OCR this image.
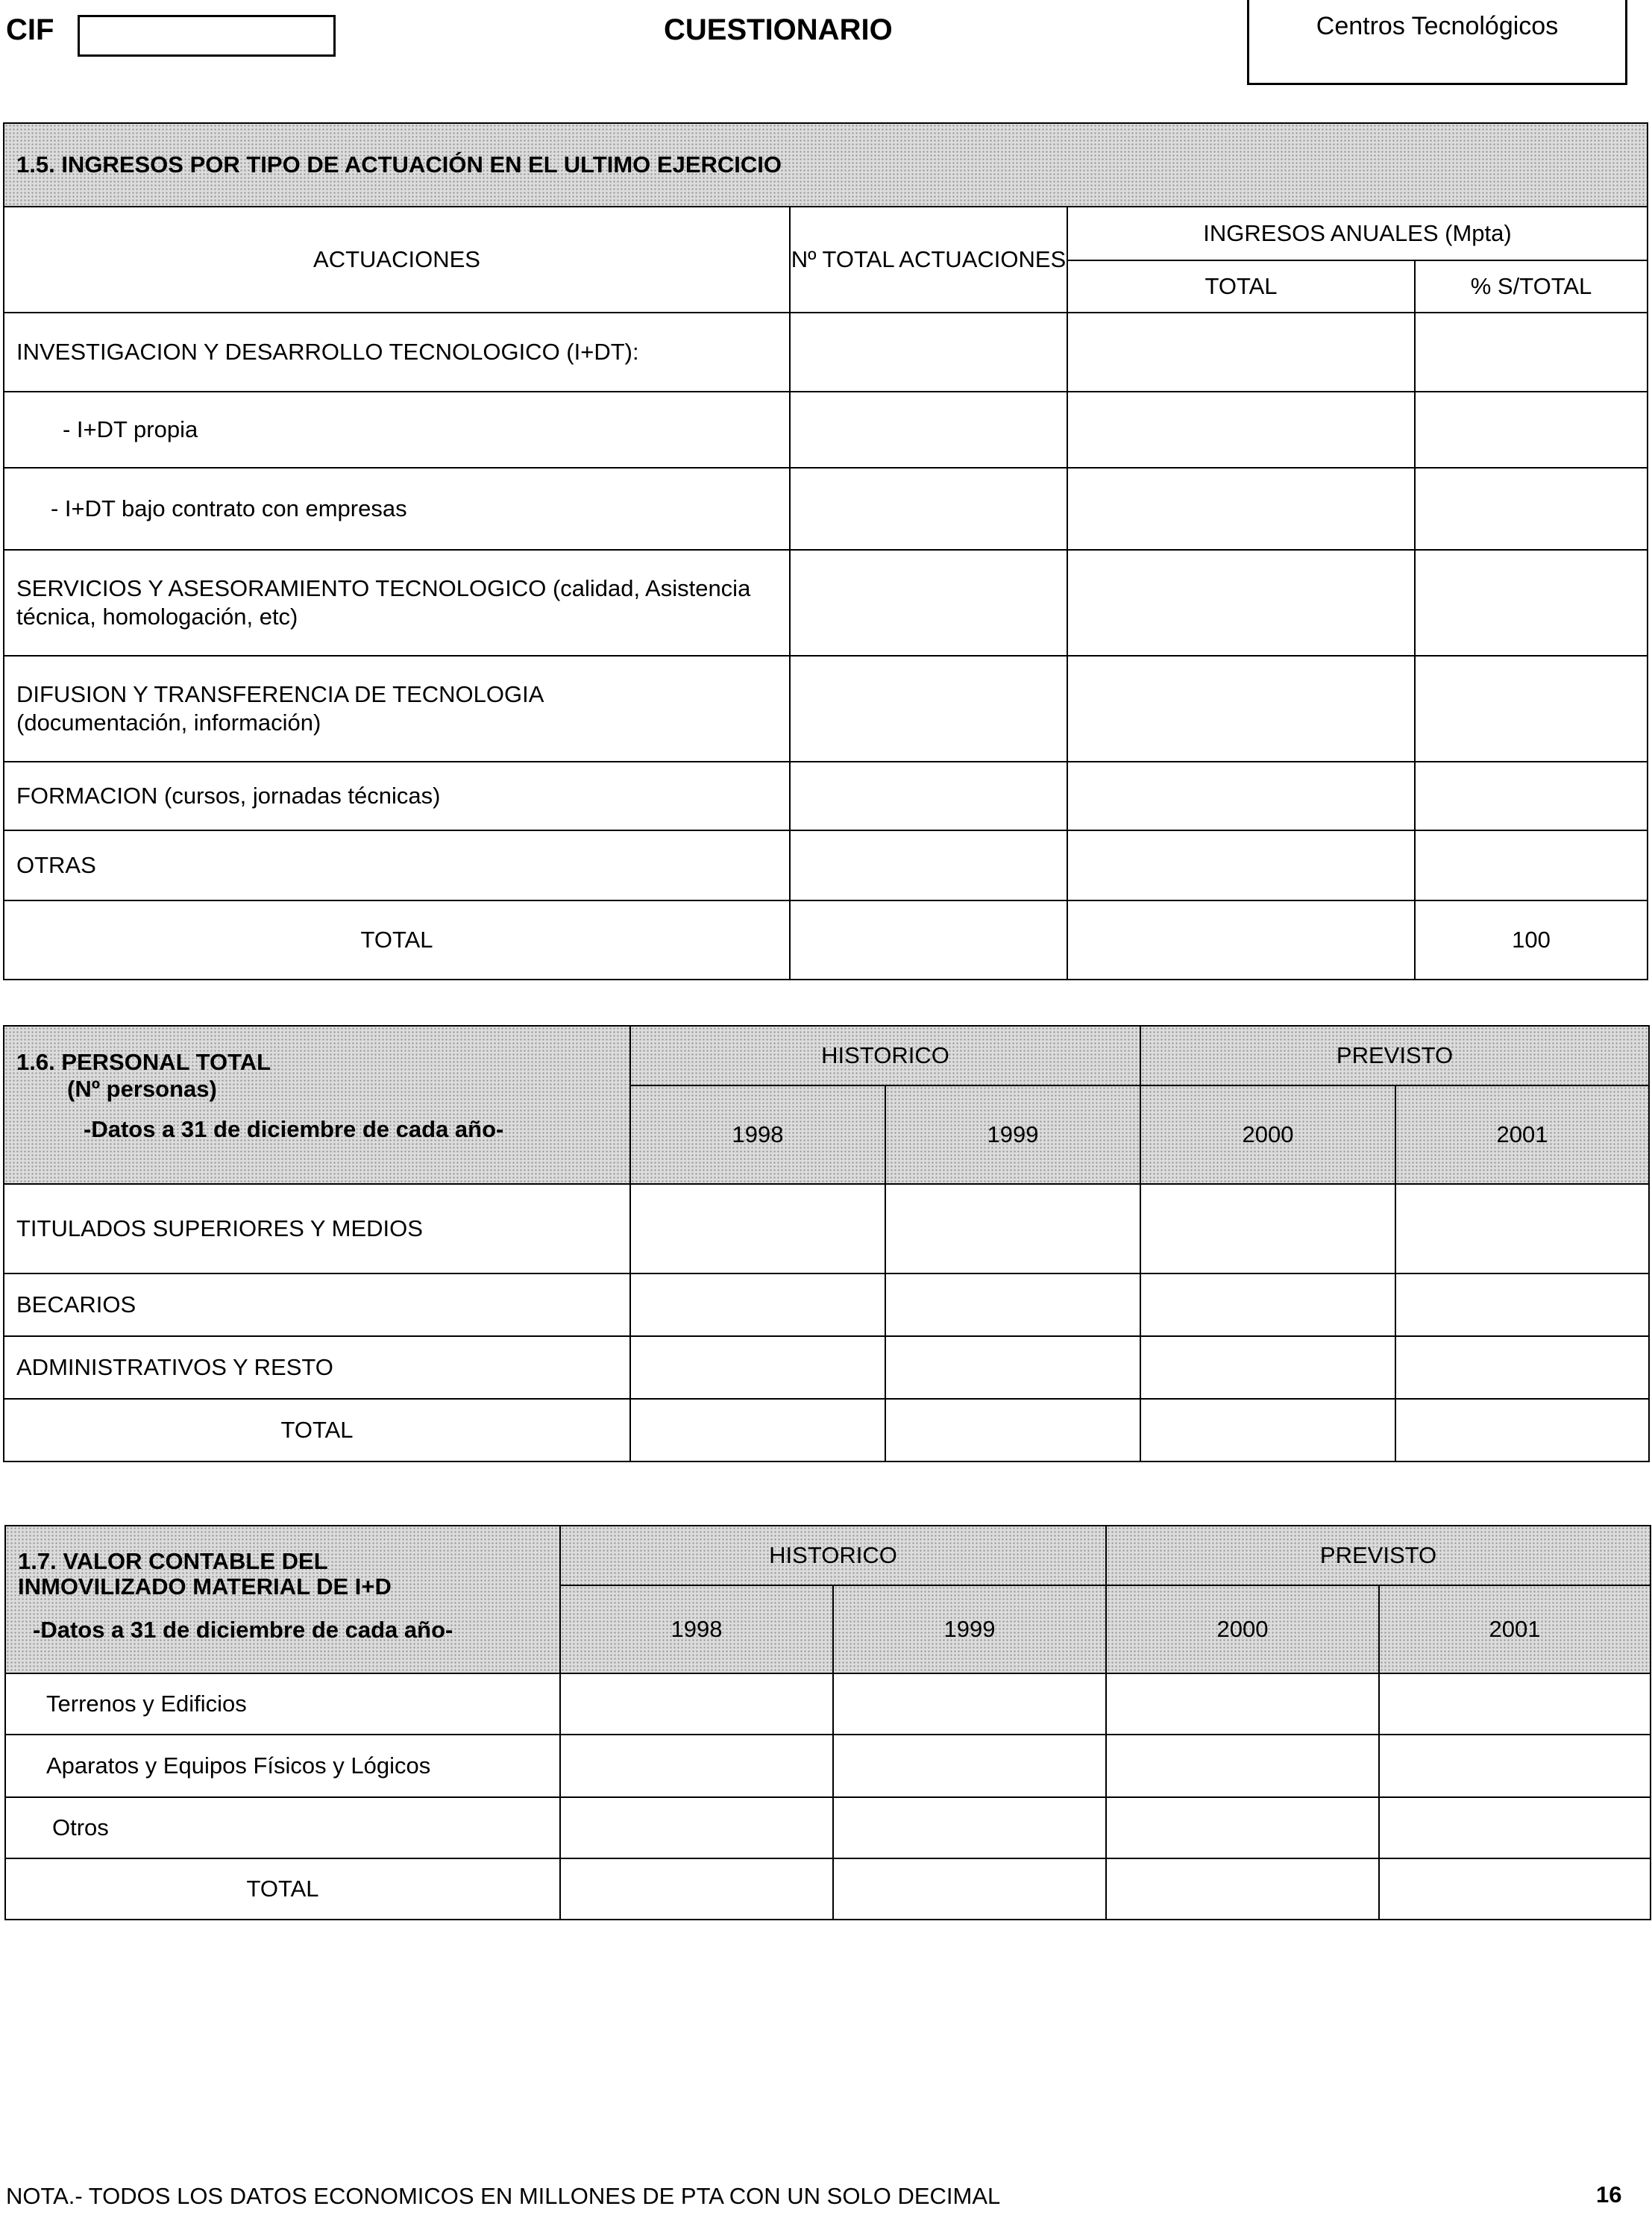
CIF	CUESTIONARIO	Centros Tecnológicos
1.5. INGRESOS POR TIPO DE ACTUACIÓN EN EL ULTIMO EJERCICIO			
ACTUACIONES	Nº TOTAL ACTUACIONES	INGRESOS ANUALES (Mpta)	
		TOTAL	% S/TOTAL
INVESTIGACION Y DESARROLLO TECNOLOGICO (I+DT):			
- I+DT propia			
- I+DT bajo contrato con empresas			
SERVICIOS Y ASESORAMIENTO TECNOLOGICO (calidad, Asistencia técnica, homologación, etc)			
DIFUSION Y TRANSFERENCIA DE TECNOLOGIA (documentación, información)			
FORMACION (cursos, jornadas técnicas)			
OTRAS			
TOTAL			100
1.6. PERSONAL TOTAL
(Nº personas)
-Datos a 31 de diciembre de cada año-	HISTORICO		PREVISTO	
	1998	1999	2000	2001
TITULADOS SUPERIORES Y MEDIOS				
BECARIOS				
ADMINISTRATIVOS Y RESTO				
TOTAL				
1.7. VALOR CONTABLE DEL INMOVILIZADO MATERIAL DE I+D
-Datos a 31 de diciembre de cada año-	HISTORICO		PREVISTO	
	1998	1999	2000	2001
Terrenos y Edificios				
Aparatos y Equipos Físicos y Lógicos				
Otros				
TOTAL				
NOTA.- TODOS LOS DATOS ECONOMICOS EN MILLONES DE PTA CON UN SOLO DECIMAL	16
